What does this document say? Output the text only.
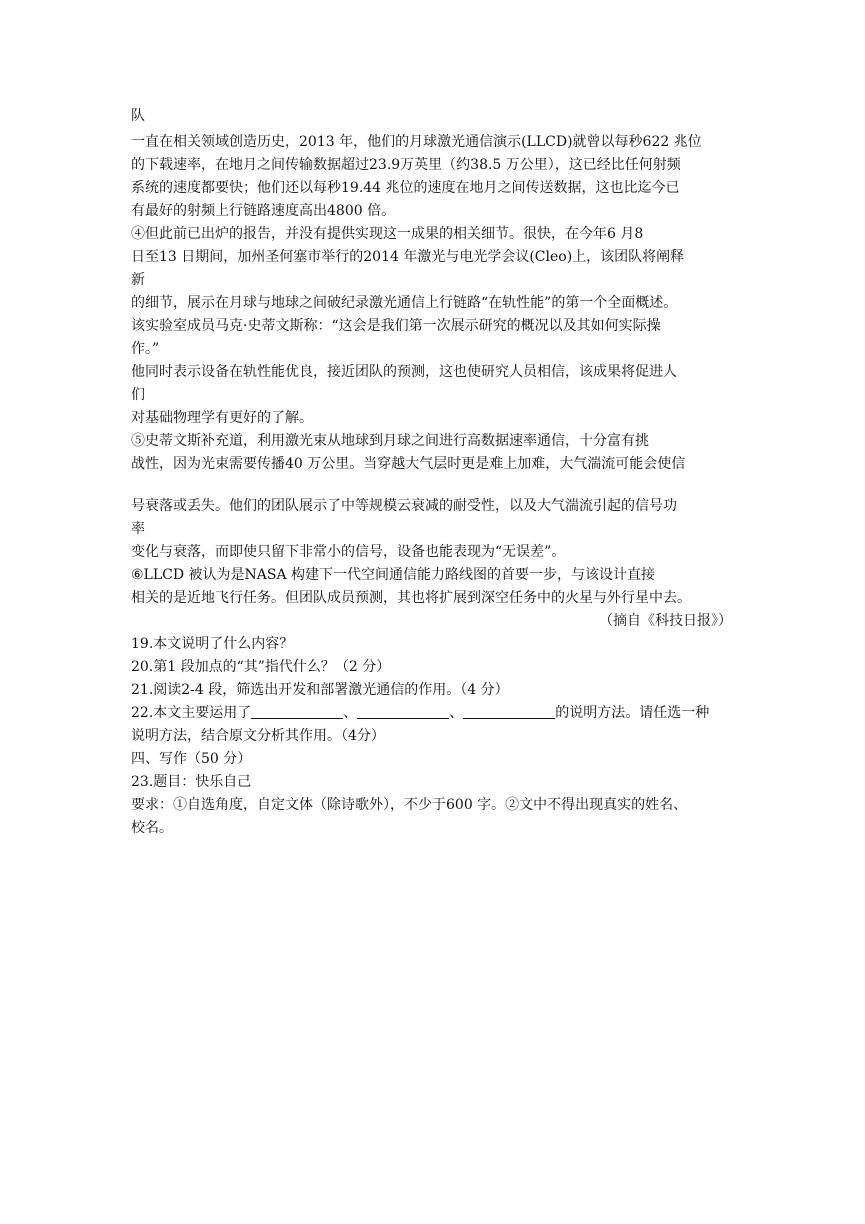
队

一直在相关领域创造历史，2013 年，他们的月球激光通信演示(LLCD)就曾以每秒622 兆位

的下载速率，在地月之间传输数据超过23.9万英里（约38.5 万公里），这已经比任何射频

系统的速度都要快；他们还以每秒19.44 兆位的速度在地月之间传送数据，这也比迄今已

有最好的射频上行链路速度高出4800 倍。

④但此前已出炉的报告，并没有提供实现这一成果的相关细节。很快，在今年6 月8

日至13 日期间，加州圣何塞市举行的2014 年激光与电光学会议(Cleo)上，该团队将阐释

新

的细节，展示在月球与地球之间破纪录激光通信上行链路“在轨性能”的第一个全面概述。

该实验室成员马克·史蒂文斯称：“这会是我们第一次展示研究的概况以及其如何实际操

作。”

他同时表示设备在轨性能优良，接近团队的预测，这也使研究人员相信，该成果将促进人

们

对基础物理学有更好的了解。

⑤史蒂文斯补充道，利用激光束从地球到月球之间进行高数据速率通信，十分富有挑

战性，因为光束需要传播40 万公里。当穿越大气层时更是难上加难，大气湍流可能会使信

号衰落或丢失。他们的团队展示了中等规模云衰减的耐受性，以及大气湍流引起的信号功

率

变化与衰落，而即使只留下非常小的信号，设备也能表现为“无误差”。

⑥LLCD 被认为是NASA 构建下一代空间通信能力路线图的首要一步，与该设计直接

相关的是近地飞行任务。但团队成员预测，其也将扩展到深空任务中的火星与外行星中去。

（摘自《科技日报》）

19.本文说明了什么内容？

20.第1 段加点的“其”指代什么？（2 分）

21.阅读2-4 段，筛选出开发和部署激光通信的作用。（4 分）

22.本文主要运用了	、	、	的说明方法。请任选一种

说明方法，结合原文分析其作用。（4分）

四、写作（50 分）

23.题目：快乐自己

要求：①自选角度，自定文体（除诗歌外），不少于600 字。②文中不得出现真实的姓名、

校名。
